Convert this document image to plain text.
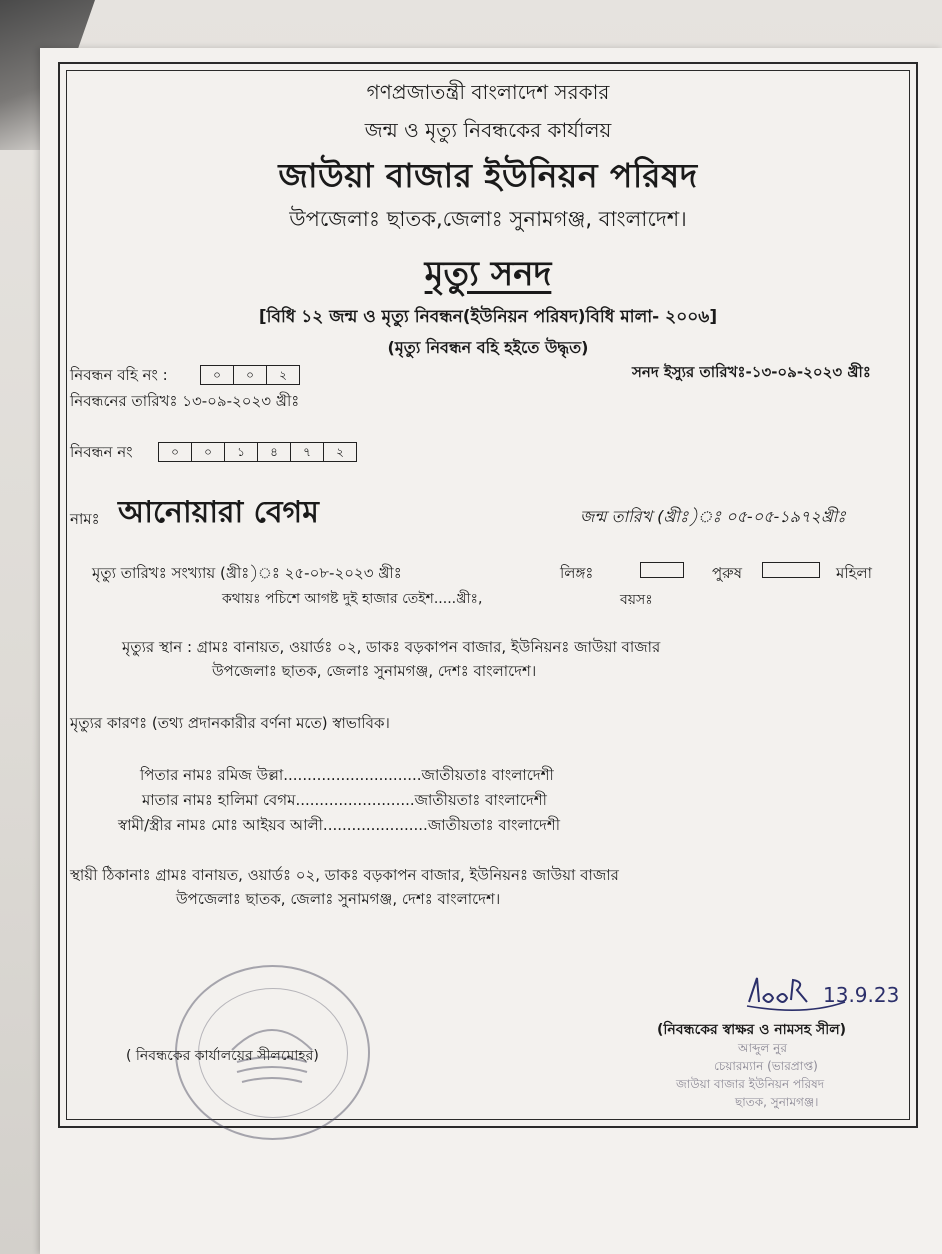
গণপ্রজাতন্ত্রী বাংলাদেশ সরকার
জন্ম ও মৃত্যু নিবন্ধকের কার্যালয়
জাউয়া বাজার ইউনিয়ন পরিষদ
উপজেলাঃ ছাতক,জেলাঃ সুনামগঞ্জ, বাংলাদেশ।
মৃত্যু সনদ
[বিধি ১২ জন্ম ও মৃত্যু নিবন্ধন(ইউনিয়ন পরিষদ)বিধি মালা- ২০০৬]
(মৃত্যু নিবন্ধন বহি হইতে উদ্ধৃত)
নিবন্ধন বহি নং :	০	০	২	সনদ ইস্যুর তারিখঃ-১৩-০৯-২০২৩ খ্রীঃ
নিবন্ধনের তারিখঃ ১৩-০৯-২০২৩ খ্রীঃ
নিবন্ধন নং	০	০	১	৪	৭	২
নামঃ আনোয়ারা বেগম	জন্ম তারিখ (খ্রীঃ)ঃ ০৫-০৫-১৯৭২খ্রীঃ
মৃত্যু তারিখঃ সংখ্যায় (খ্রীঃ)ঃ ২৫-০৮-২০২৩ খ্রীঃ	লিঙ্গঃ	পুরুষ	মহিলা
কথায়ঃ পচিশে আগষ্ট দুই হাজার তেইশ.....খ্রীঃ,	বয়সঃ
মৃত্যুর স্থান : গ্রামঃ বানায়ত, ওয়ার্ডঃ ০২, ডাকঃ বড়কাপন বাজার, ইউনিয়নঃ জাউয়া বাজার
উপজেলাঃ ছাতক, জেলাঃ সুনামগঞ্জ, দেশঃ বাংলাদেশ।
মৃত্যুর কারণঃ (তথ্য প্রদানকারীর বর্ণনা মতে) স্বাভাবিক।
পিতার নামঃ রমিজ উল্লা.............................জাতীয়তাঃ বাংলাদেশী
মাতার নামঃ হালিমা বেগম.........................জাতীয়তাঃ বাংলাদেশী
স্বামী/স্ত্রীর নামঃ মোঃ আইয়ব আলী......................জাতীয়তাঃ বাংলাদেশী
স্থায়ী ঠিকানাঃ গ্রামঃ বানায়ত, ওয়ার্ডঃ ০২, ডাকঃ বড়কাপন বাজার, ইউনিয়নঃ জাউয়া বাজার
উপজেলাঃ ছাতক, জেলাঃ সুনামগঞ্জ, দেশঃ বাংলাদেশ।
( নিবন্ধকের কার্যালয়ের সীলমোহর)
13.9.23
(নিবন্ধকের স্বাক্ষর ও নামসহ সীল)
আব্দুল নুর
চেয়ারম্যান (ভারপ্রাপ্ত)
জাউয়া বাজার ইউনিয়ন পরিষদ
ছাতক, সুনামগঞ্জ।
